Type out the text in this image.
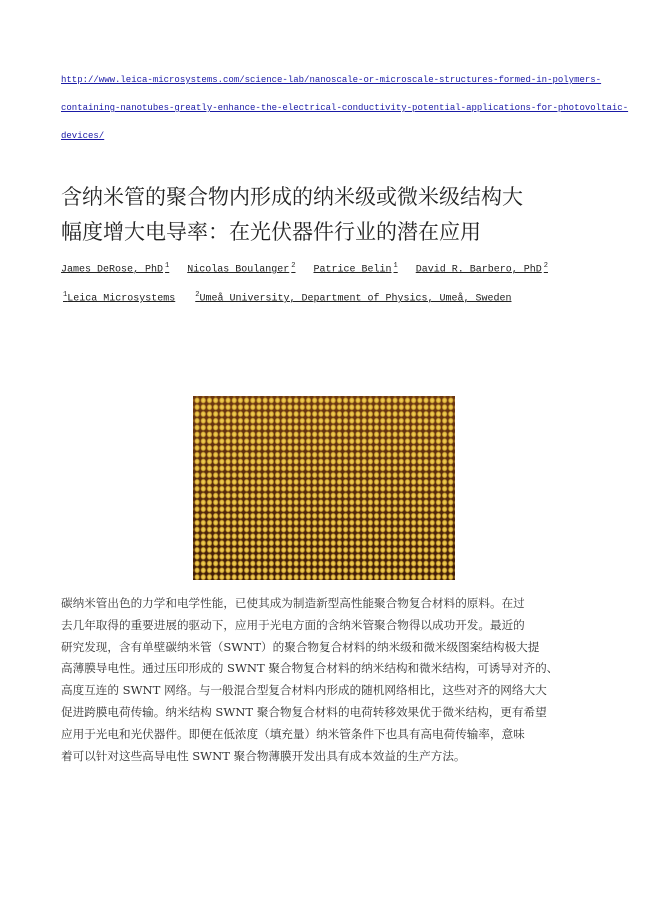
http://www.leica-microsystems.com/science-lab/nanoscale-or-microscale-structures-formed-in-polymers-
containing-nanotubes-greatly-enhance-the-electrical-conductivity-potential-applications-for-photovoltaic-
devices/
含纳米管的聚合物内形成的纳米级或微米级结构大
幅度增大电导率：在光伏器件行业的潜在应用
James DeRose, PhD $^1$ Nicolas Boulanger $^2$ Patrice Belin $^1$ David R. Barbero, PhD $^2$
$^1$Leica Microsystems	$^2$Umeå University, Department of Physics, Umeå, Sweden
碳纳米管出色的力学和电学性能，已使其成为制造新型高性能聚合物复合材料的原料。在过
去几年取得的重要进展的驱动下，应用于光电方面的含纳米管聚合物得以成功开发。最近的
研究发现，含有单壁碳纳米管（SWNT）的聚合物复合材料的纳米级和微米级图案结构极大提
高薄膜导电性。通过压印形成的 SWNT 聚合物复合材料的纳米结构和微米结构，可诱导对齐的、
高度互连的 SWNT 网络。与一般混合型复合材料内形成的随机网络相比，这些对齐的网络大大
促进跨膜电荷传输。纳米结构 SWNT 聚合物复合材料的电荷转移效果优于微米结构，更有希望
应用于光电和光伏器件。即便在低浓度（填充量）纳米管条件下也具有高电荷传输率，意味
着可以针对这些高导电性 SWNT 聚合物薄膜开发出具有成本效益的生产方法。
